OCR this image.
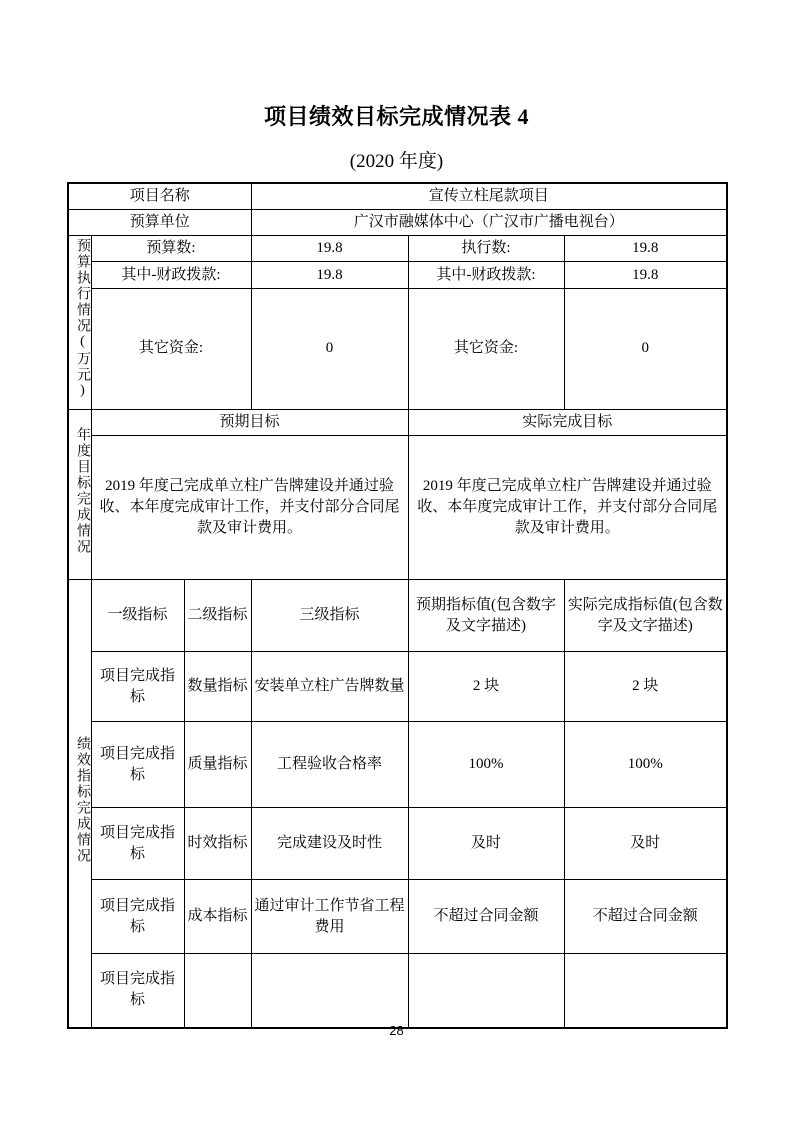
项目绩效目标完成情况表 4
(2020 年度)
项目名称			宣传立柱尾款项目		
预算单位			广汉市融媒体中心（广汉市广播电视台）		
预算执行情况(万元)	预算数:		19.8	执行数:	19.8
	其中-财政拨款:		19.8	其中-财政拨款:	19.8
	其它资金:		0	其它资金:	0
年度目标完成情况	预期目标			实际完成目标	
	2019 年度己完成单立柱广告牌建设并通过验收、本年度完成审计工作，并支付部分合同尾款及审计费用。			2019 年度己完成单立柱广告牌建设并通过验收、本年度完成审计工作，并支付部分合同尾款及审计费用。	
绩效指标完成情况	一级指标	二级指标	三级指标	预期指标值(包含数字及文字描述)	实际完成指标值(包含数字及文字描述)
	项目完成指标	数量指标	安装单立柱广告牌数量	2 块	2 块
	项目完成指标	质量指标	工程验收合格率	100%	100%
	项目完成指标	时效指标	完成建设及时性	及时	及时
	项目完成指标	成本指标	通过审计工作节省工程费用	不超过合同金额	不超过合同金额
	项目完成指标				
28
